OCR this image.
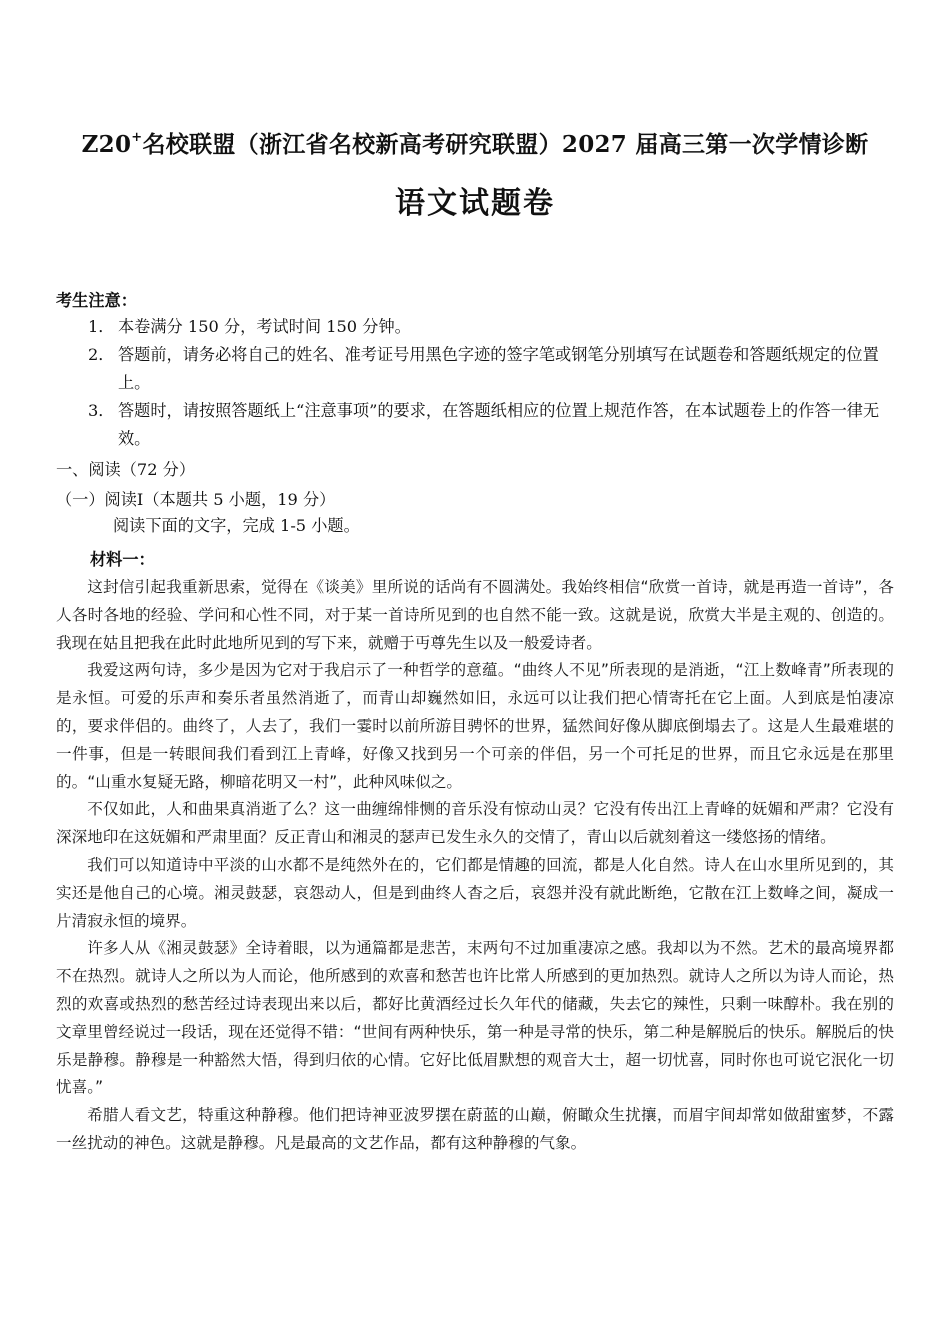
Z20+名校联盟（浙江省名校新高考研究联盟）2027 届高三第一次学情诊断
语文试题卷
考生注意：

1． 本卷满分 150 分，考试时间 150 分钟。

2． 答题前，请务必将自己的姓名、准考证号用黑色字迹的签字笔或钢笔分别填写在试题卷和答题纸规定的位置上。

3． 答题时，请按照答题纸上“注意事项”的要求，在答题纸相应的位置上规范作答，在本试题卷上的作答一律无效。

一、阅读（72 分）
（一）阅读Ⅰ（本题共 5 小题，19 分）
阅读下面的文字，完成 1-5 小题。
材料一：

这封信引起我重新思索，觉得在《谈美》里所说的话尚有不圆满处。我始终相信“欣赏一首诗，就是再造一首诗”，各人各时各地的经验、学问和心性不同，对于某一首诗所见到的也自然不能一致。这就是说，欣赏大半是主观的、创造的。我现在姑且把我在此时此地所见到的写下来，就赠于丏尊先生以及一般爱诗者。

我爱这两句诗，多少是因为它对于我启示了一种哲学的意蕴。“曲终人不见”所表现的是消逝，“江上数峰青”所表现的是永恒。可爱的乐声和奏乐者虽然消逝了，而青山却巍然如旧，永远可以让我们把心情寄托在它上面。人到底是怕凄凉的，要求伴侣的。曲终了，人去了，我们一霎时以前所游目骋怀的世界，猛然间好像从脚底倒塌去了。这是人生最难堪的一件事，但是一转眼间我们看到江上青峰，好像又找到另一个可亲的伴侣，另一个可托足的世界，而且它永远是在那里的。“山重水复疑无路，柳暗花明又一村”，此种风味似之。

不仅如此，人和曲果真消逝了么？这一曲缠绵悱恻的音乐没有惊动山灵？它没有传出江上青峰的妩媚和严肃？它没有深深地印在这妩媚和严肃里面？反正青山和湘灵的瑟声已发生永久的交情了，青山以后就刻着这一缕悠扬的情绪。

我们可以知道诗中平淡的山水都不是纯然外在的，它们都是情趣的回流，都是人化自然。诗人在山水里所见到的，其实还是他自己的心境。湘灵鼓瑟，哀怨动人，但是到曲终人杳之后，哀怨并没有就此断绝，它散在江上数峰之间，凝成一片清寂永恒的境界。

许多人从《湘灵鼓瑟》全诗着眼，以为通篇都是悲苦，末两句不过加重凄凉之感。我却以为不然。艺术的最高境界都不在热烈。就诗人之所以为人而论，他所感到的欢喜和愁苦也许比常人所感到的更加热烈。就诗人之所以为诗人而论，热烈的欢喜或热烈的愁苦经过诗表现出来以后，都好比黄酒经过长久年代的储藏，失去它的辣性，只剩一味醇朴。我在别的文章里曾经说过一段话，现在还觉得不错：“世间有两种快乐，第一种是寻常的快乐，第二种是解脱后的快乐。解脱后的快乐是静穆。静穆是一种豁然大悟，得到归依的心情。它好比低眉默想的观音大士，超一切忧喜，同时你也可说它泯化一切忧喜。”

希腊人看文艺，特重这种静穆。他们把诗神亚波罗摆在蔚蓝的山巅，俯瞰众生扰攘，而眉宇间却常如做甜蜜梦，不露一丝扰动的神色。这就是静穆。凡是最高的文艺作品，都有这种静穆的气象。
